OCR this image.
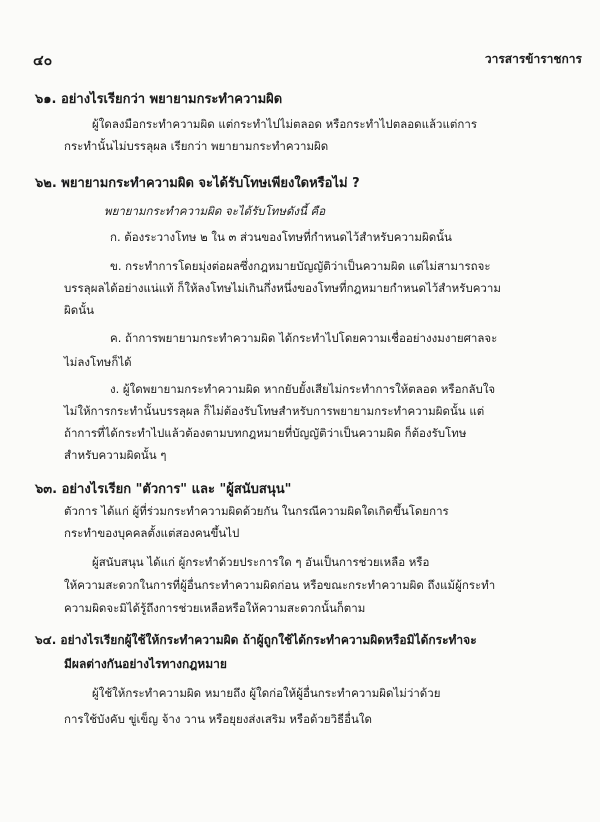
๔๐	วารสารข้าราชการ
๖๑. อย่างไรเรียกว่า พยายามกระทำความผิด
ผู้ใดลงมือกระทำความผิด แต่กระทำไปไม่ตลอด หรือกระทำไปตลอดแล้วแต่การ
กระทำนั้นไม่บรรลุผล เรียกว่า พยายามกระทำความผิด
๖๒. พยายามกระทำความผิด จะได้รับโทษเพียงใดหรือไม่ ?
พยายามกระทำความผิด จะได้รับโทษดังนี้ คือ
ก. ต้องระวางโทษ ๒ ใน ๓ ส่วนของโทษที่กำหนดไว้สำหรับความผิดนั้น
ข. กระทำการโดยมุ่งต่อผลซึ่งกฎหมายบัญญัติว่าเป็นความผิด แต่ไม่สามารถจะ
บรรลุผลได้อย่างแน่แท้ ก็ให้ลงโทษไม่เกินกึ่งหนึ่งของโทษที่กฎหมายกำหนดไว้สำหรับความ
ผิดนั้น
ค. ถ้าการพยายามกระทำความผิด ได้กระทำไปโดยความเชื่ออย่างงมงายศาลจะ
ไม่ลงโทษก็ได้
ง. ผู้ใดพยายามกระทำความผิด หากยับยั้งเสียไม่กระทำการให้ตลอด หรือกลับใจ
ไม่ให้การกระทำนั้นบรรลุผล ก็ไม่ต้องรับโทษสำหรับการพยายามกระทำความผิดนั้น แต่
ถ้าการที่ได้กระทำไปแล้วต้องตามบทกฎหมายที่บัญญัติว่าเป็นความผิด ก็ต้องรับโทษ
สำหรับความผิดนั้น ๆ
๖๓. อย่างไรเรียก "ตัวการ" และ "ผู้สนับสนุน"
ตัวการ ได้แก่ ผู้ที่ร่วมกระทำความผิดด้วยกัน ในกรณีความผิดใดเกิดขึ้นโดยการ
กระทำของบุคคลตั้งแต่สองคนขึ้นไป
ผู้สนับสนุน ได้แก่ ผู้กระทำด้วยประการใด ๆ อันเป็นการช่วยเหลือ หรือ
ให้ความสะดวกในการที่ผู้อื่นกระทำความผิดก่อน หรือขณะกระทำความผิด ถึงแม้ผู้กระทำ
ความผิดจะมิได้รู้ถึงการช่วยเหลือหรือให้ความสะดวกนั้นก็ตาม
๖๔. อย่างไรเรียกผู้ใช้ให้กระทำความผิด ถ้าผู้ถูกใช้ได้กระทำความผิดหรือมิได้กระทำจะ
มีผลต่างกันอย่างไรทางกฎหมาย
ผู้ใช้ให้กระทำความผิด หมายถึง ผู้ใดก่อให้ผู้อื่นกระทำความผิดไม่ว่าด้วย
การใช้บังคับ ขู่เข็ญ จ้าง วาน หรือยุยงส่งเสริม หรือด้วยวิธีอื่นใด
